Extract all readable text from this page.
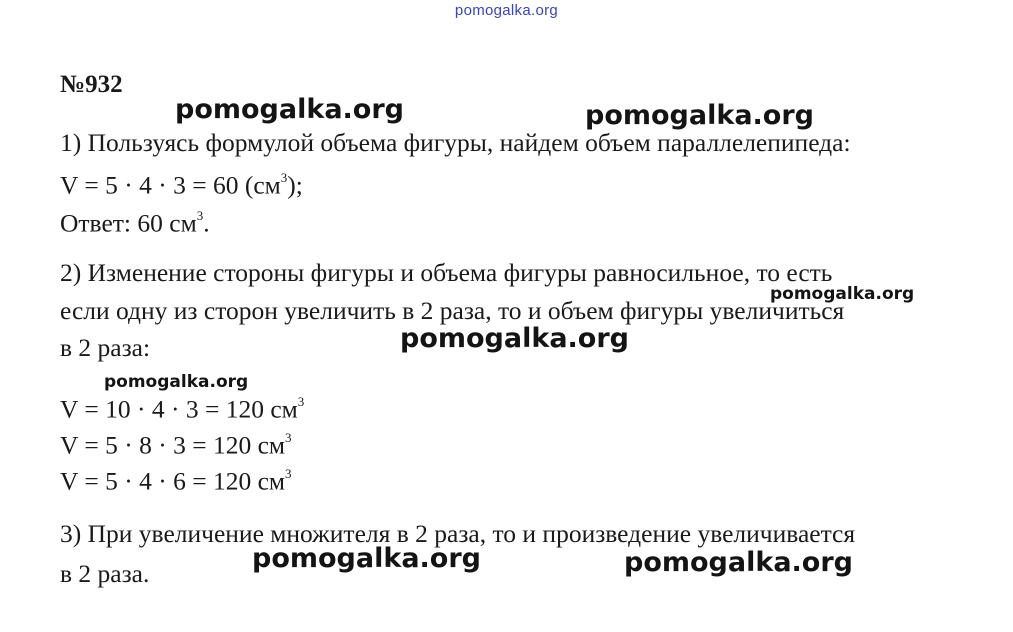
pomogalka.org
№932
1) Пользуясь формулой объема фигуры, найдем объем параллелепипеда:
V = 5 · 4 · 3 = 60 $(см^3)$;
Ответ: 60 $см^3$.
2) Изменение стороны фигуры и объема фигуры равносильное, то есть
если одну из сторон увеличить в 2 раза, то и объем фигуры увеличиться
в 2 раза:
V = 10 · 4 · 3 = 120 $см^3$
V = 5 · 8 · 3 = 120 $см^3$
V = 5 · 4 · 6 = 120 $см^3$
3) При увеличение множителя в 2 раза, то и произведение увеличивается
в 2 раза.
pomogalka.org	pomogalka.org
pomogalka.org
pomogalka.org
pomogalka.org
pomogalka.org	pomogalka.org
